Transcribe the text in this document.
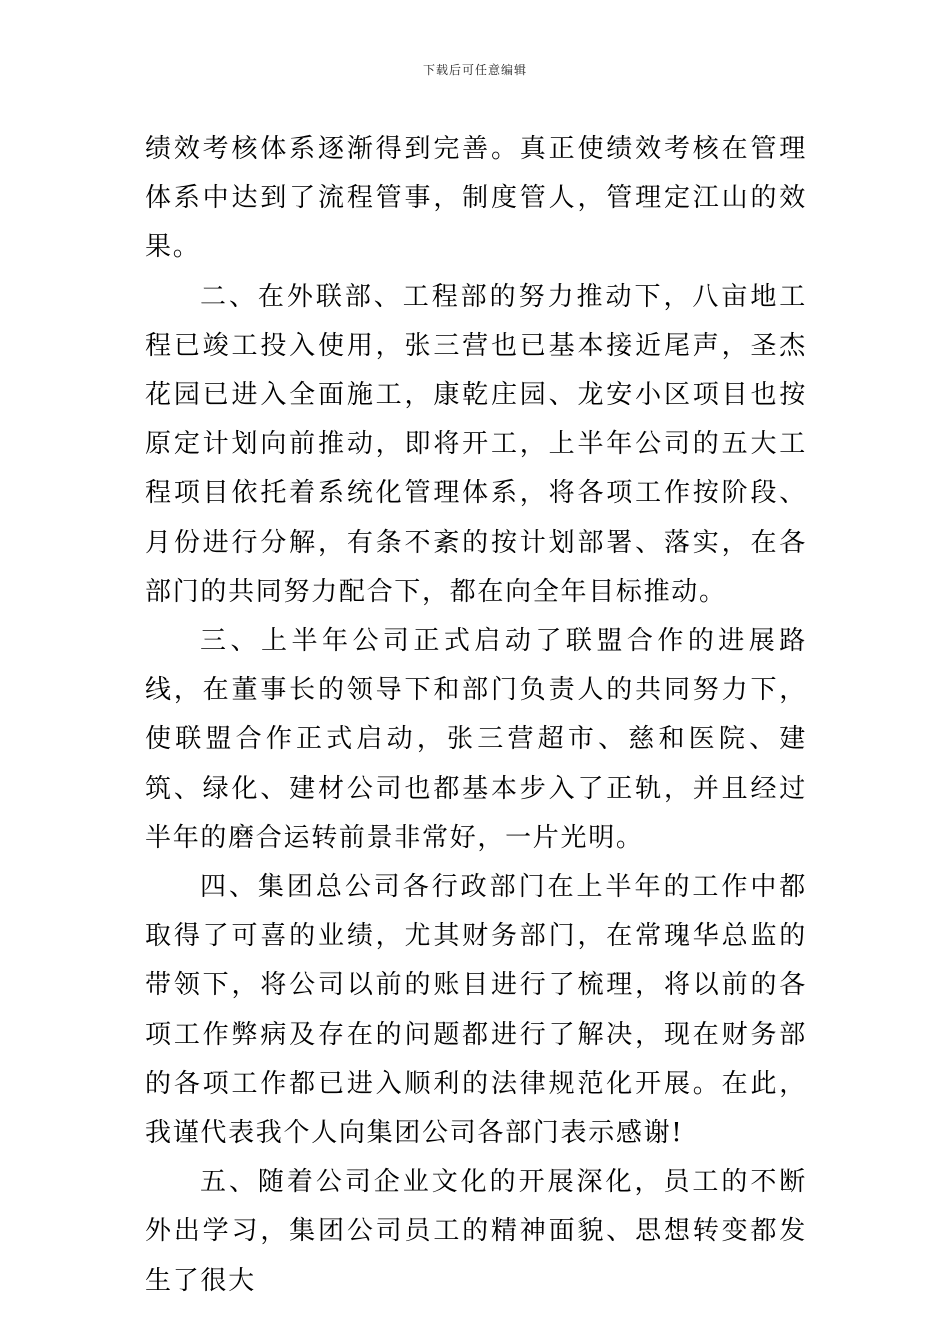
下载后可任意编辑

绩效考核体系逐渐得到完善。真正使绩效考核在管理体系中达到了流程管事，制度管人，管理定江山的效果。

二、在外联部、工程部的努力推动下，八亩地工程已竣工投入使用，张三营也已基本接近尾声，圣杰花园已进入全面施工，康乾庄园、龙安小区项目也按原定计划向前推动，即将开工，上半年公司的五大工程项目依托着系统化管理体系，将各项工作按阶段、月份进行分解，有条不紊的按计划部署、落实，在各部门的共同努力配合下，都在向全年目标推动。

三、上半年公司正式启动了联盟合作的进展路线，在董事长的领导下和部门负责人的共同努力下，使联盟合作正式启动，张三营超市、慈和医院、建筑、绿化、建材公司也都基本步入了正轨，并且经过半年的磨合运转前景非常好，一片光明。

四、集团总公司各行政部门在上半年的工作中都取得了可喜的业绩，尤其财务部门，在常瑰华总监的带领下，将公司以前的账目进行了梳理，将以前的各项工作弊病及存在的问题都进行了解决，现在财务部的各项工作都已进入顺利的法律规范化开展。在此，我谨代表我个人向集团公司各部门表示感谢!

五、随着公司企业文化的开展深化，员工的不断外出学习，集团公司员工的精神面貌、思想转变都发生了很大
